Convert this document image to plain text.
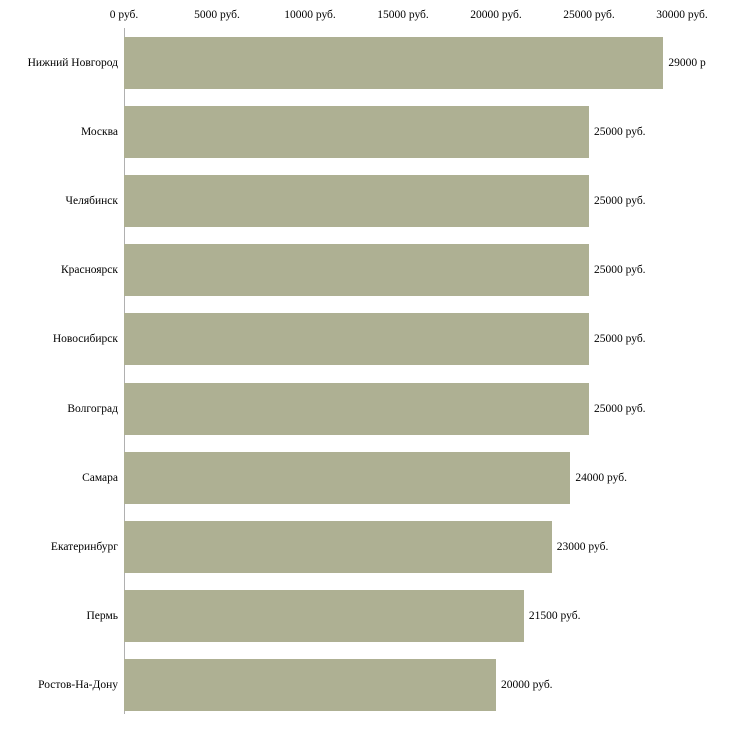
0 руб.	5000 руб.	10000 руб.	15000 руб.	20000 руб.	25000 руб.	30000 руб.
Нижний Новгород	29000 р
Москва	25000 руб.
Челябинск	25000 руб.
Красноярск	25000 руб.
Новосибирск	25000 руб.
Волгоград	25000 руб.
Самара	24000 руб.
Екатеринбург	23000 руб.
Пермь	21500 руб.
Ростов-На-Дону	20000 руб.
